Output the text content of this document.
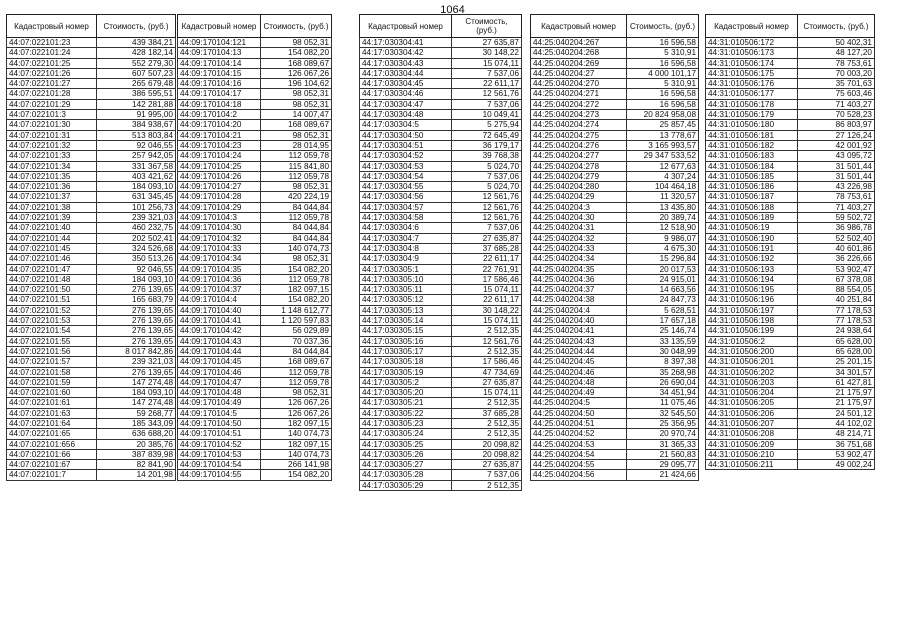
1064
Кадастровый номер	Стоимость, (руб.)
44:07:022101:23	439 384,21
44:07:022101:24	428 182,14
44:07:022101:25	552 279,30
44:07:022101:26	607 507,23
44:07:022101:27	265 679,48
44:07:022101:28	386 595,51
44:07:022101:29	142 281,88
44:07:022101:3	91 995,00
44:07:022101:30	384 938,67
44:07:022101:31	513 803,84
44:07:022101:32	92 046,55
44:07:022101:33	257 942,05
44:07:022101:34	331 367,58
44:07:022101:35	403 421,62
44:07:022101:36	184 093,10
44:07:022101:37	631 345,45
44:07:022101:38	101 256,73
44:07:022101:39	239 321,03
44:07:022101:40	460 232,75
44:07:022101:44	202 502,41
44:07:022101:45	324 526,68
44:07:022101:46	350 513,26
44:07:022101:47	92 046,55
44:07:022101:48	184 093,10
44:07:022101:50	276 139,65
44:07:022101:51	165 683,79
44:07:022101:52	276 139,65
44:07:022101:53	276 139,65
44:07:022101:54	276 139,65
44:07:022101:55	276 139,65
44:07:022101:56	8 017 842,86
44:07:022101:57	239 321,03
44:07:022101:58	276 139,65
44:07:022101:59	147 274,48
44:07:022101:60	184 093,10
44:07:022101:61	147 274,48
44:07:022101:63	59 268,77
44:07:022101:64	185 343,09
44:07:022101:65	636 688,20
44:07:022101:656	20 385,76
44:07:022101:66	387 839,98
44:07:022101:67	82 841,90
44:07:022101:7	14 201,98
Кадастровый номер	Стоимость, (руб.)
44:09:170104:121	98 052,31
44:09:170104:13	154 082,20
44:09:170104:14	168 089,67
44:09:170104:15	126 067,26
44:09:170104:16	196 104,62
44:09:170104:17	98 052,31
44:09:170104:18	98 052,31
44:09:170104:2	14 007,47
44:09:170104:20	168 089,67
44:09:170104:21	98 052,31
44:09:170104:23	28 014,95
44:09:170104:24	112 059,78
44:09:170104:25	115 841,80
44:09:170104:26	112 059,78
44:09:170104:27	98 052,31
44:09:170104:28	420 224,19
44:09:170104:29	84 044,84
44:09:170104:3	112 059,78
44:09:170104:30	84 044,84
44:09:170104:32	84 044,84
44:09:170104:33	140 074,73
44:09:170104:34	98 052,31
44:09:170104:35	154 082,20
44:09:170104:36	112 059,78
44:09:170104:37	182 097,15
44:09:170104:4	154 082,20
44:09:170104:40	1 148 612,77
44:09:170104:41	1 120 597,83
44:09:170104:42	56 029,89
44:09:170104:43	70 037,36
44:09:170104:44	84 044,84
44:09:170104:45	168 089,67
44:09:170104:46	112 059,78
44:09:170104:47	112 059,78
44:09:170104:48	98 052,31
44:09:170104:49	126 067,26
44:09:170104:5	126 067,26
44:09:170104:50	182 097,15
44:09:170104:51	140 074,73
44:09:170104:52	182 097,15
44:09:170104:53	140 074,73
44:09:170104:54	266 141,98
44:09:170104:55	154 082,20
Кадастровый номер	Стоимость, (руб.)
44:17:030304:41	27 635,87
44:17:030304:42	30 148,22
44:17:030304:43	15 074,11
44:17:030304:44	7 537,06
44:17:030304:45	22 611,17
44:17:030304:46	12 561,76
44:17:030304:47	7 537,06
44:17:030304:48	10 049,41
44:17:030304:5	5 275,94
44:17:030304:50	72 645,49
44:17:030304:51	36 179,17
44:17:030304:52	39 768,38
44:17:030304:53	5 024,70
44:17:030304:54	7 537,06
44:17:030304:55	5 024,70
44:17:030304:56	12 561,76
44:17:030304:57	12 561,76
44:17:030304:58	12 561,76
44:17:030304:6	7 537,06
44:17:030304:7	27 635,87
44:17:030304:8	37 685,28
44:17:030304:9	22 611,17
44:17:030305:1	22 761,91
44:17:030305:10	17 586,46
44:17:030305:11	15 074,11
44:17:030305:12	22 611,17
44:17:030305:13	30 148,22
44:17:030305:14	15 074,11
44:17:030305:15	2 512,35
44:17:030305:16	12 561,76
44:17:030305:17	2 512,35
44:17:030305:18	17 586,46
44:17:030305:19	47 734,69
44:17:030305:2	27 635,87
44:17:030305:20	15 074,11
44:17:030305:21	2 512,35
44:17:030305:22	37 685,28
44:17:030305:23	2 512,35
44:17:030305:24	2 512,35
44:17:030305:25	20 098,82
44:17:030305:26	20 098,82
44:17:030305:27	27 635,87
44:17:030305:28	7 537,06
44:17:030305:29	2 512,35
Кадастровый номер	Стоимость, (руб.)
44:25:040204:267	16 596,58
44:25:040204:268	5 310,91
44:25:040204:269	16 596,58
44:25:040204:27	4 000 101,17
44:25:040204:270	5 310,91
44:25:040204:271	16 596,58
44:25:040204:272	16 596,58
44:25:040204:273	20 824 958,08
44:25:040204:274	25 857,45
44:25:040204:275	13 778,67
44:25:040204:276	3 165 993,57
44:25:040204:277	29 347 533,52
44:25:040204:278	12 677,63
44:25:040204:279	4 307,24
44:25:040204:280	104 464,18
44:25:040204:29	11 320,57
44:25:040204:3	13 435,80
44:25:040204:30	20 389,74
44:25:040204:31	12 518,90
44:25:040204:32	9 986,07
44:25:040204:33	4 675,30
44:25:040204:34	15 296,84
44:25:040204:35	20 017,53
44:25:040204:36	24 915,01
44:25:040204:37	14 663,56
44:25:040204:38	24 847,73
44:25:040204:4	5 628,51
44:25:040204:40	17 657,18
44:25:040204:41	25 146,74
44:25:040204:43	33 135,59
44:25:040204:44	30 048,99
44:25:040204:45	8 397,38
44:25:040204:46	35 268,98
44:25:040204:48	26 690,04
44:25:040204:49	34 451,94
44:25:040204:5	11 075,46
44:25:040204:50	32 545,50
44:25:040204:51	25 356,95
44:25:040204:52	20 970,74
44:25:040204:53	31 365,33
44:25:040204:54	21 560,83
44:25:040204:55	29 095,77
44:25:040204:56	21 424,66
Кадастровый номер	Стоимость, (руб.)
44:31:010506:172	50 402,31
44:31:010506:173	48 127,20
44:31:010506:174	78 753,61
44:31:010506:175	70 003,20
44:31:010506:176	35 701,63
44:31:010506:177	75 603,46
44:31:010506:178	71 403,27
44:31:010506:179	70 528,23
44:31:010506:180	86 803,97
44:31:010506:181	27 126,24
44:31:010506:182	42 001,92
44:31:010506:183	43 095,72
44:31:010506:184	31 501,44
44:31:010506:185	31 501,44
44:31:010506:186	43 226,98
44:31:010506:187	78 753,61
44:31:010506:188	71 403,27
44:31:010506:189	59 502,72
44:31:010506:19	36 986,78
44:31:010506:190	52 502,40
44:31:010506:191	40 601,86
44:31:010506:192	36 226,66
44:31:010506:193	53 902,47
44:31:010506:194	67 378,08
44:31:010506:195	88 554,05
44:31:010506:196	40 251,84
44:31:010506:197	77 178,53
44:31:010506:198	77 178,53
44:31:010506:199	24 938,64
44:31:010506:2	65 628,00
44:31:010506:200	65 628,00
44:31:010506:201	25 201,15
44:31:010506:202	34 301,57
44:31:010506:203	61 427,81
44:31:010506:204	21 175,97
44:31:010506:205	21 175,97
44:31:010506:206	24 501,12
44:31:010506:207	44 102,02
44:31:010506:208	48 214,71
44:31:010506:209	36 751,68
44:31:010506:210	53 902,47
44:31:010506:211	49 002,24
